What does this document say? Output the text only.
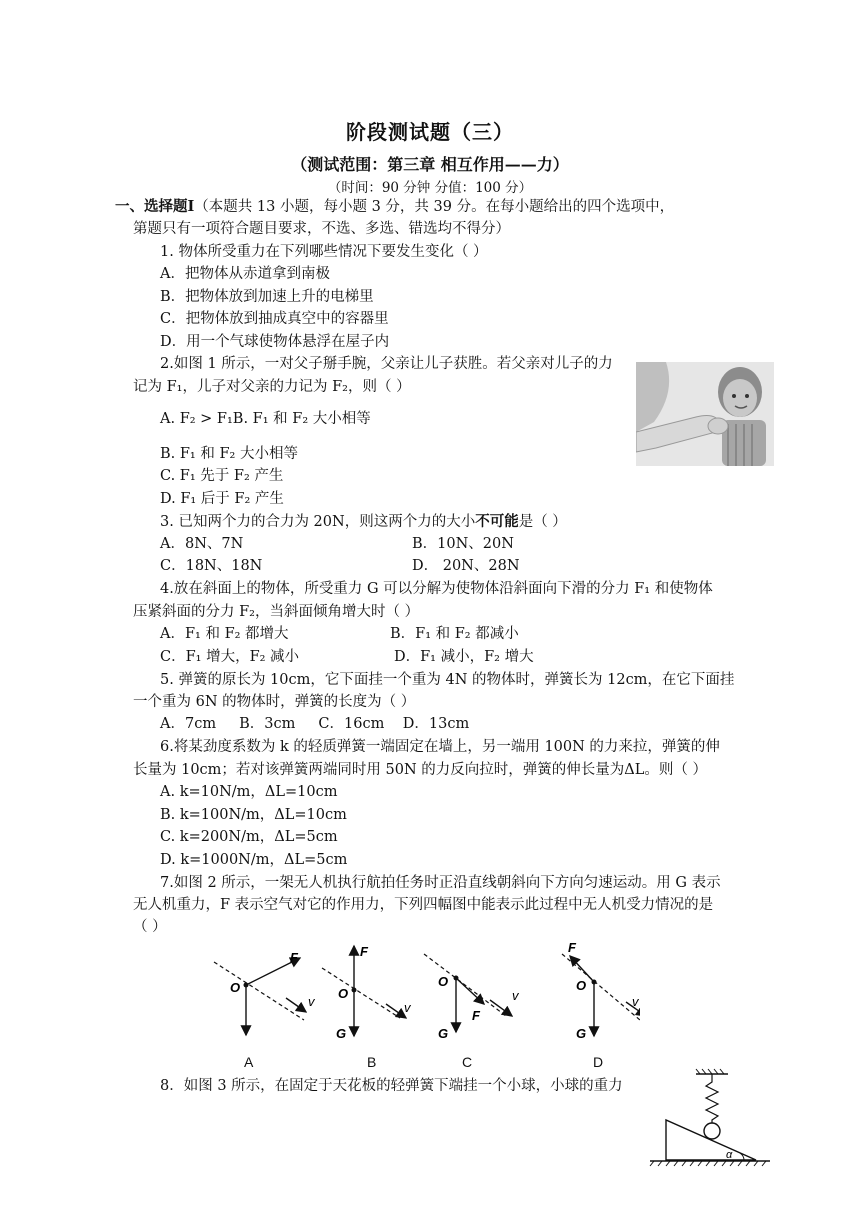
阶段测试题（三）
（测试范围：第三章 相互作用——力）
（时间：90 分钟 分值：100 分）
一、选择题I（本题共 13 小题，每小题 3 分，共 39 分。在每小题给出的四个选项中，
第题只有一项符合题目要求，不选、多选、错选均不得分）
1. 物体所受重力在下列哪些情况下要发生变化（ ）
A．把物体从赤道拿到南极
B．把物体放到加速上升的电梯里
C．把物体放到抽成真空中的容器里
D．用一个气球使物体悬浮在屋子内
2.如图 1 所示，一对父子掰手腕，父亲让儿子获胜。若父亲对儿子的力
记为 F₁，儿子对父亲的力记为 F₂，则（ ）
A. F₂ > F₁B. F₁ 和 F₂ 大小相等
B. F₁ 和 F₂ 大小相等
C. F₁ 先于 F₂ 产生
D. F₁ 后于 F₂ 产生
3. 已知两个力的合力为 20N，则这两个力的大小不可能是（ ）
A．8N、7N	B．10N、20N
C．18N、18N	D． 20N、28N
4.放在斜面上的物体，所受重力 G 可以分解为使物体沿斜面向下滑的分力 F₁ 和使物体
压紧斜面的分力 F₂，当斜面倾角增大时（ ）
A．F₁ 和 F₂ 都增大	B．F₁ 和 F₂ 都减小
C．F₁ 增大，F₂ 减小	D．F₁ 减小，F₂ 增大
5. 弹簧的原长为 10cm，它下面挂一个重为 4N 的物体时，弹簧长为 12cm，在它下面挂
一个重为 6N 的物体时，弹簧的长度为（ ）
A．7cm     B．3cm     C．16cm    D．13cm
6.将某劲度系数为 k 的轻质弹簧一端固定在墙上，另一端用 100N 的力来拉，弹簧的伸
长量为 10cm；若对该弹簧两端同时用 50N 的力反向拉时，弹簧的伸长量为ΔL。则（ ）
A. k=10N/m，ΔL=10cm
B. k=100N/m，ΔL=10cm
C. k=200N/m，ΔL=5cm
D. k=1000N/m，ΔL=5cm
7.如图 2 所示，一架无人机执行航拍任务时正沿直线朝斜向下方向匀速运动。用 G 表示
无人机重力，F 表示空气对它的作用力，下列四幅图中能表示此过程中无人机受力情况的是
（ ）
O
F
v
O
F
G
v
O
F
G
v
O
F
G
v
A	B	C	D
8．如图 3 所示，在固定于天花板的轻弹簧下端挂一个小球，小球的重力
α
